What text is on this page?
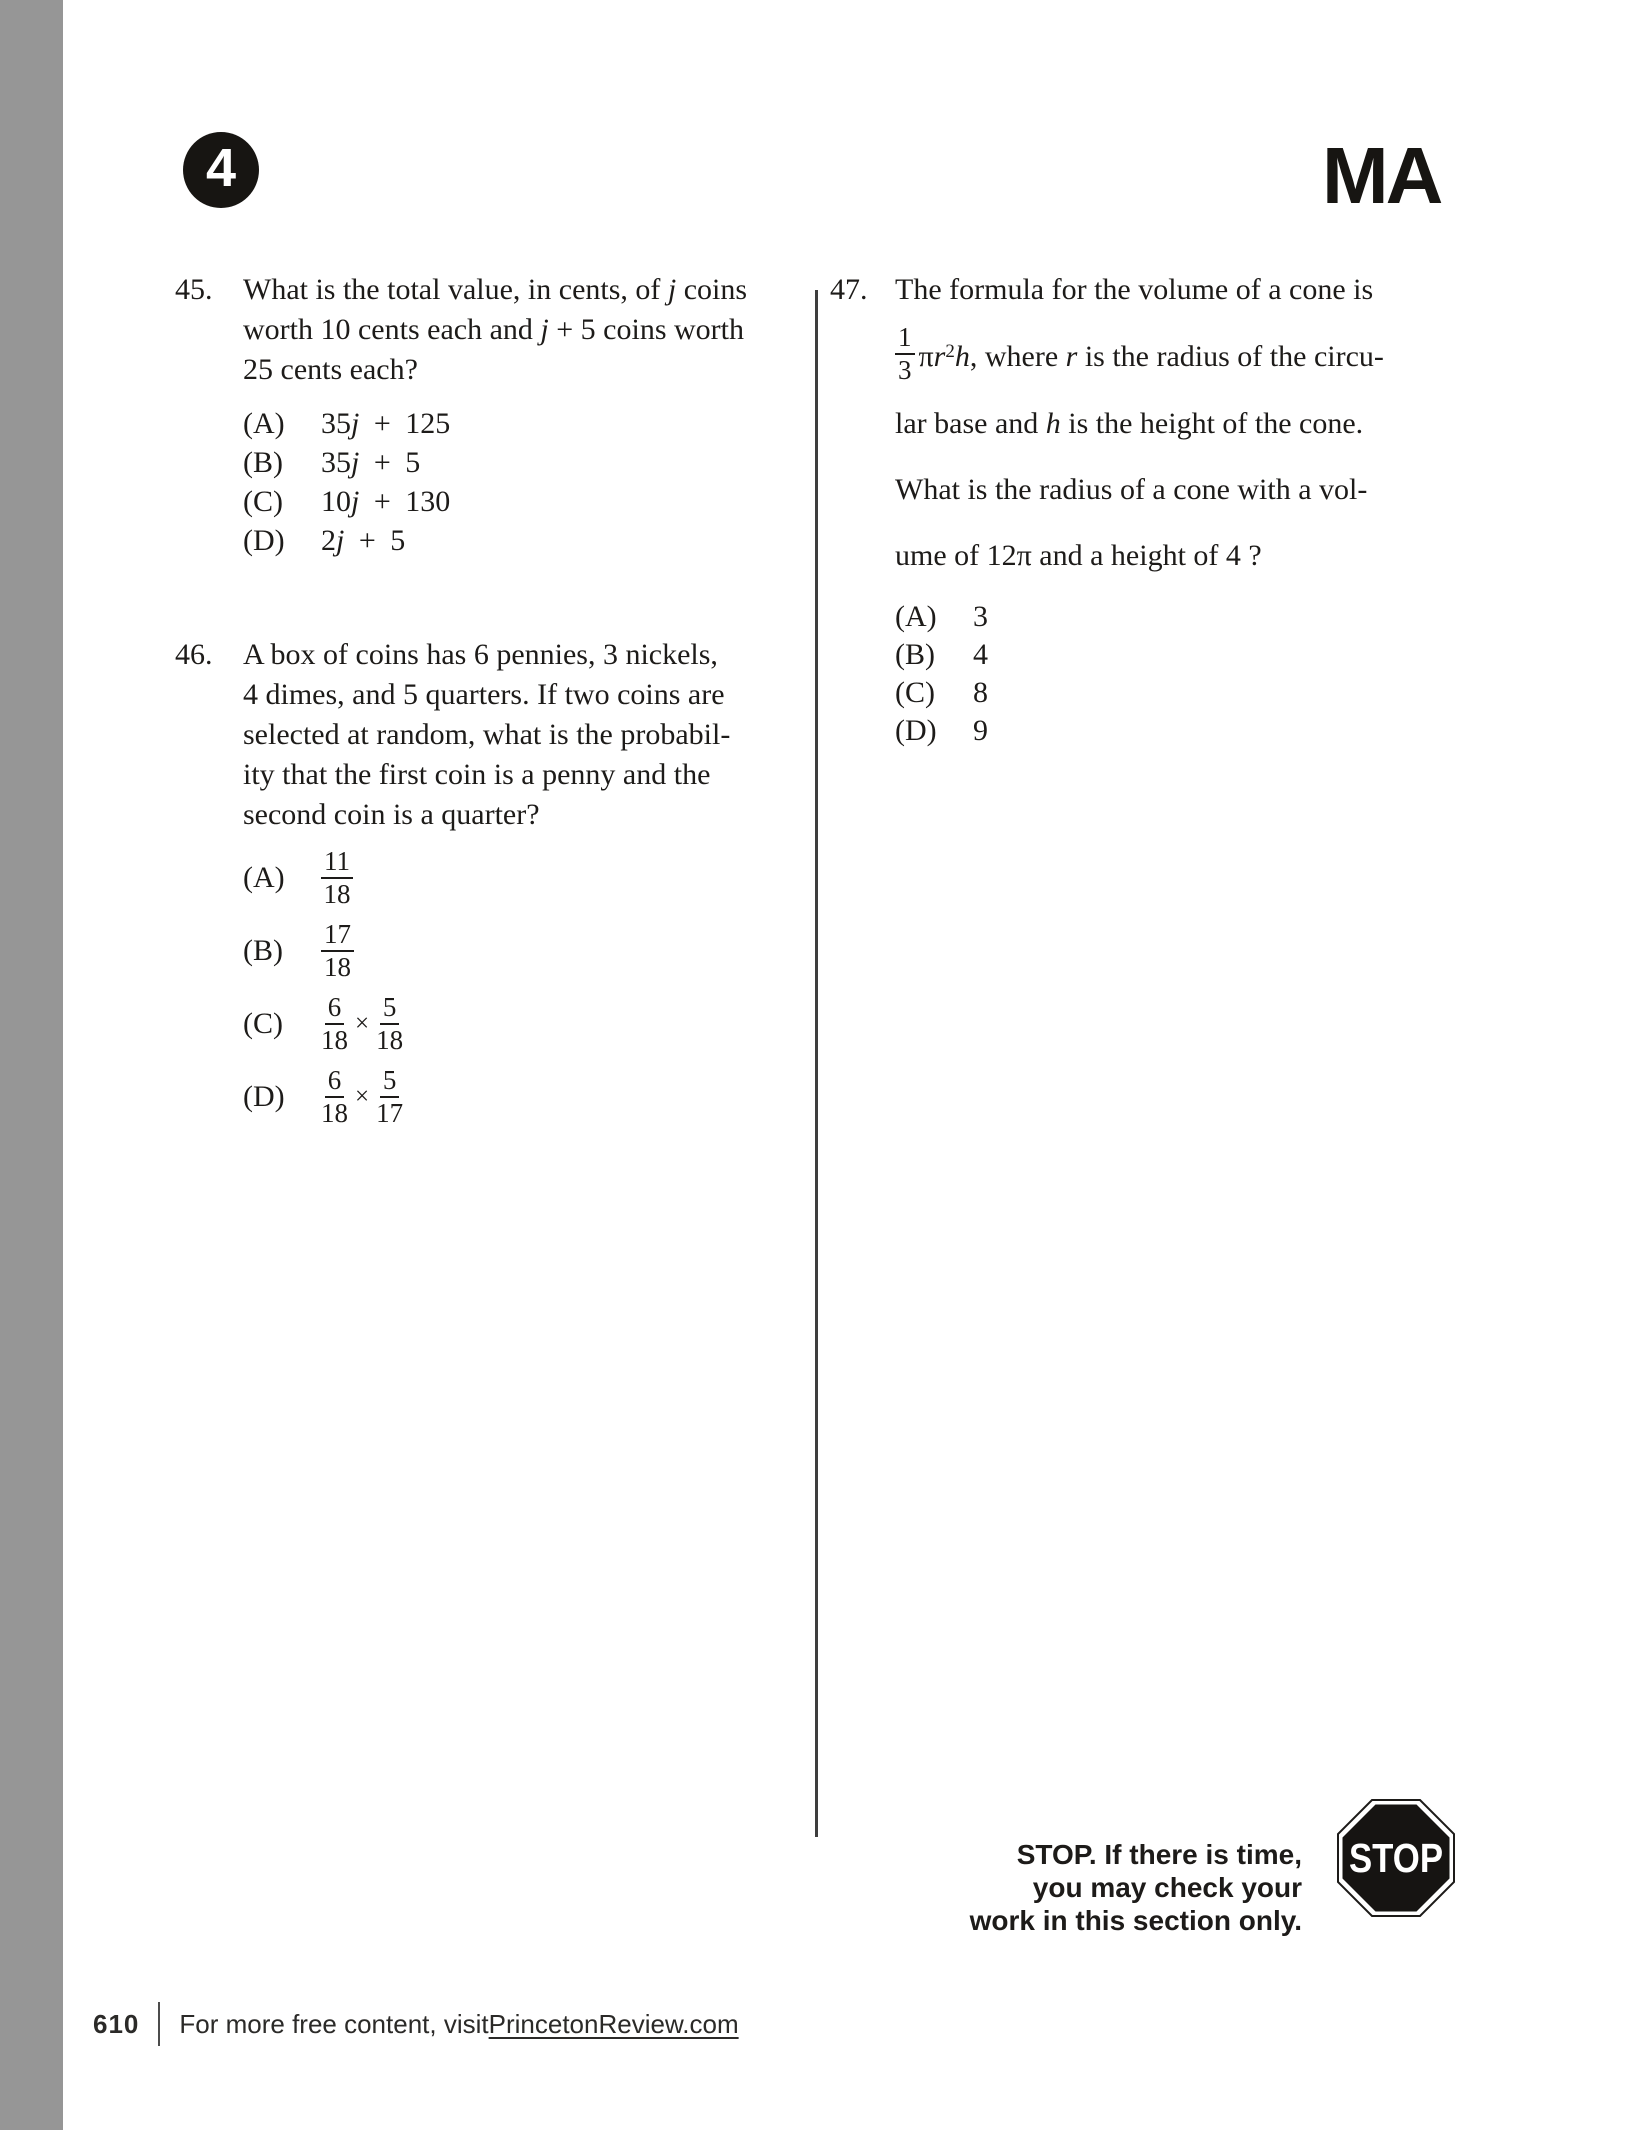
4	MA
45. What is the total value, in cents, of j coins
worth 10 cents each and j + 5 coins worth
25 cents each?
(A)	35j + 125
(B)	35j + 5
(C)	10j + 130
(D)	2j + 5
46. A box of coins has 6 pennies, 3 nickels,
4 dimes, and 5 quarters. If two coins are
selected at random, what is the probabil-
ity that the first coin is a penny and the
second coin is a quarter?
(A)	$\frac{11}{18}$
(B)	$\frac{17}{18}$
(C)	$\frac{6}{18} \times \frac{5}{18}$
(D)	$\frac{6}{18} \times \frac{5}{17}$
47. The formula for the volume of a cone is
$\frac{1}{3} \pi r^2h$, where r is the radius of the circu-
lar base and h is the height of the cone.
What is the radius of a cone with a vol-
ume of 12π and a height of 4 ?
(A)	3
(B)	4
(C)	8
(D)	9
STOP. If there is time,
you may check your
work in this section only.
STOP
610 For more free content, visit PrincetonReview.com
